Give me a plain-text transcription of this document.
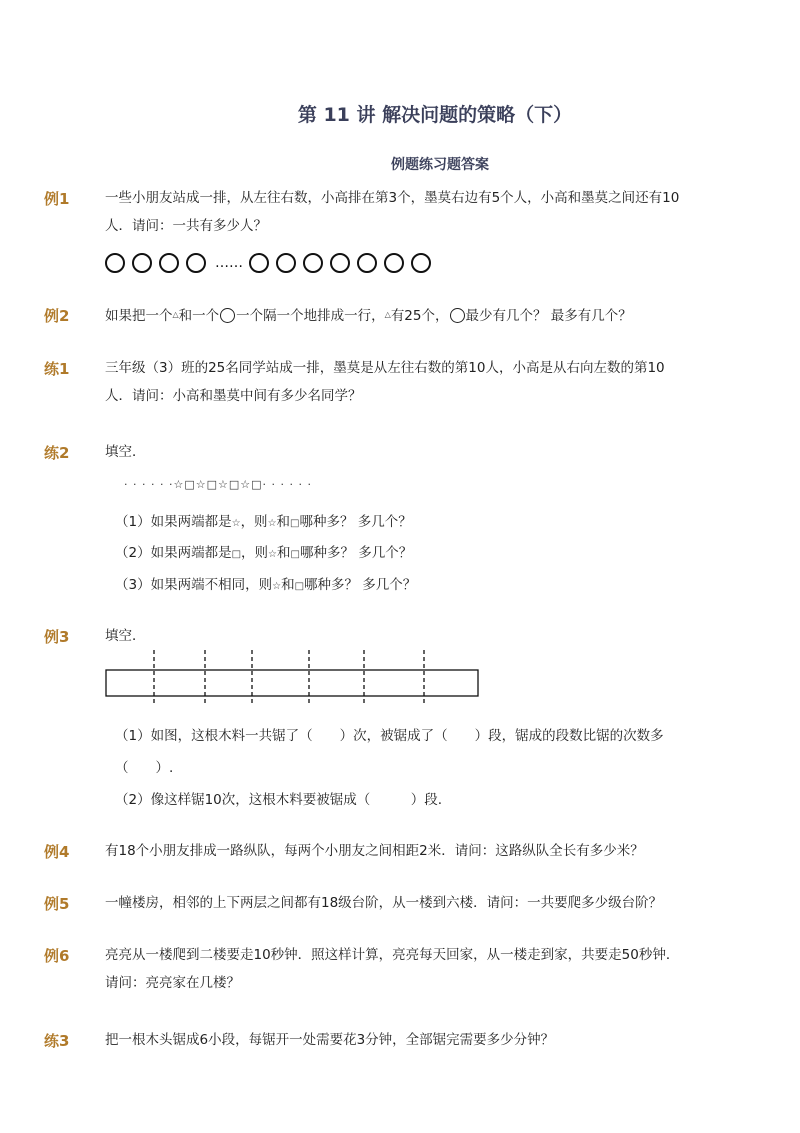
第 11 讲 解决问题的策略（下）
例题练习题答案
例1	一些小朋友站成一排，从左往右数，小高排在第3个，墨莫右边有5个人，小高和墨莫之间还有10
人．请问：一共有多少人？
……
例2	如果把一个△和一个 一个隔一个地排成一行，△有25个， 最少有几个？ 最多有几个？
练1	三年级（3）班的25名同学站成一排，墨莫是从左往右数的第10人，小高是从右向左数的第10
人．请问：小高和墨莫中间有多少名同学？
练2	填空．
· · · · · ·☆□☆□☆□☆□· · · · · ·
（1）如果两端都是☆，则☆和□哪种多？ 多几个？
（2）如果两端都是□，则☆和□哪种多？ 多几个？
（3）如果两端不相同，则☆和□哪种多？ 多几个？
例3	填空．
（1）如图，这根木料一共锯了（　　）次，被锯成了（　　）段，锯成的段数比锯的次数多
（　　）.
（2）像这样锯10次，这根木料要被锯成（　　　）段.
例4	有18个小朋友排成一路纵队，每两个小朋友之间相距2米．请问：这路纵队全长有多少米？
例5	一幢楼房，相邻的上下两层之间都有18级台阶，从一楼到六楼．请问：一共要爬多少级台阶？
例6	亮亮从一楼爬到二楼要走10秒钟．照这样计算，亮亮每天回家，从一楼走到家，共要走50秒钟．
请问：亮亮家在几楼？
练3	把一根木头锯成6小段，每锯开一处需要花3分钟，全部锯完需要多少分钟？
